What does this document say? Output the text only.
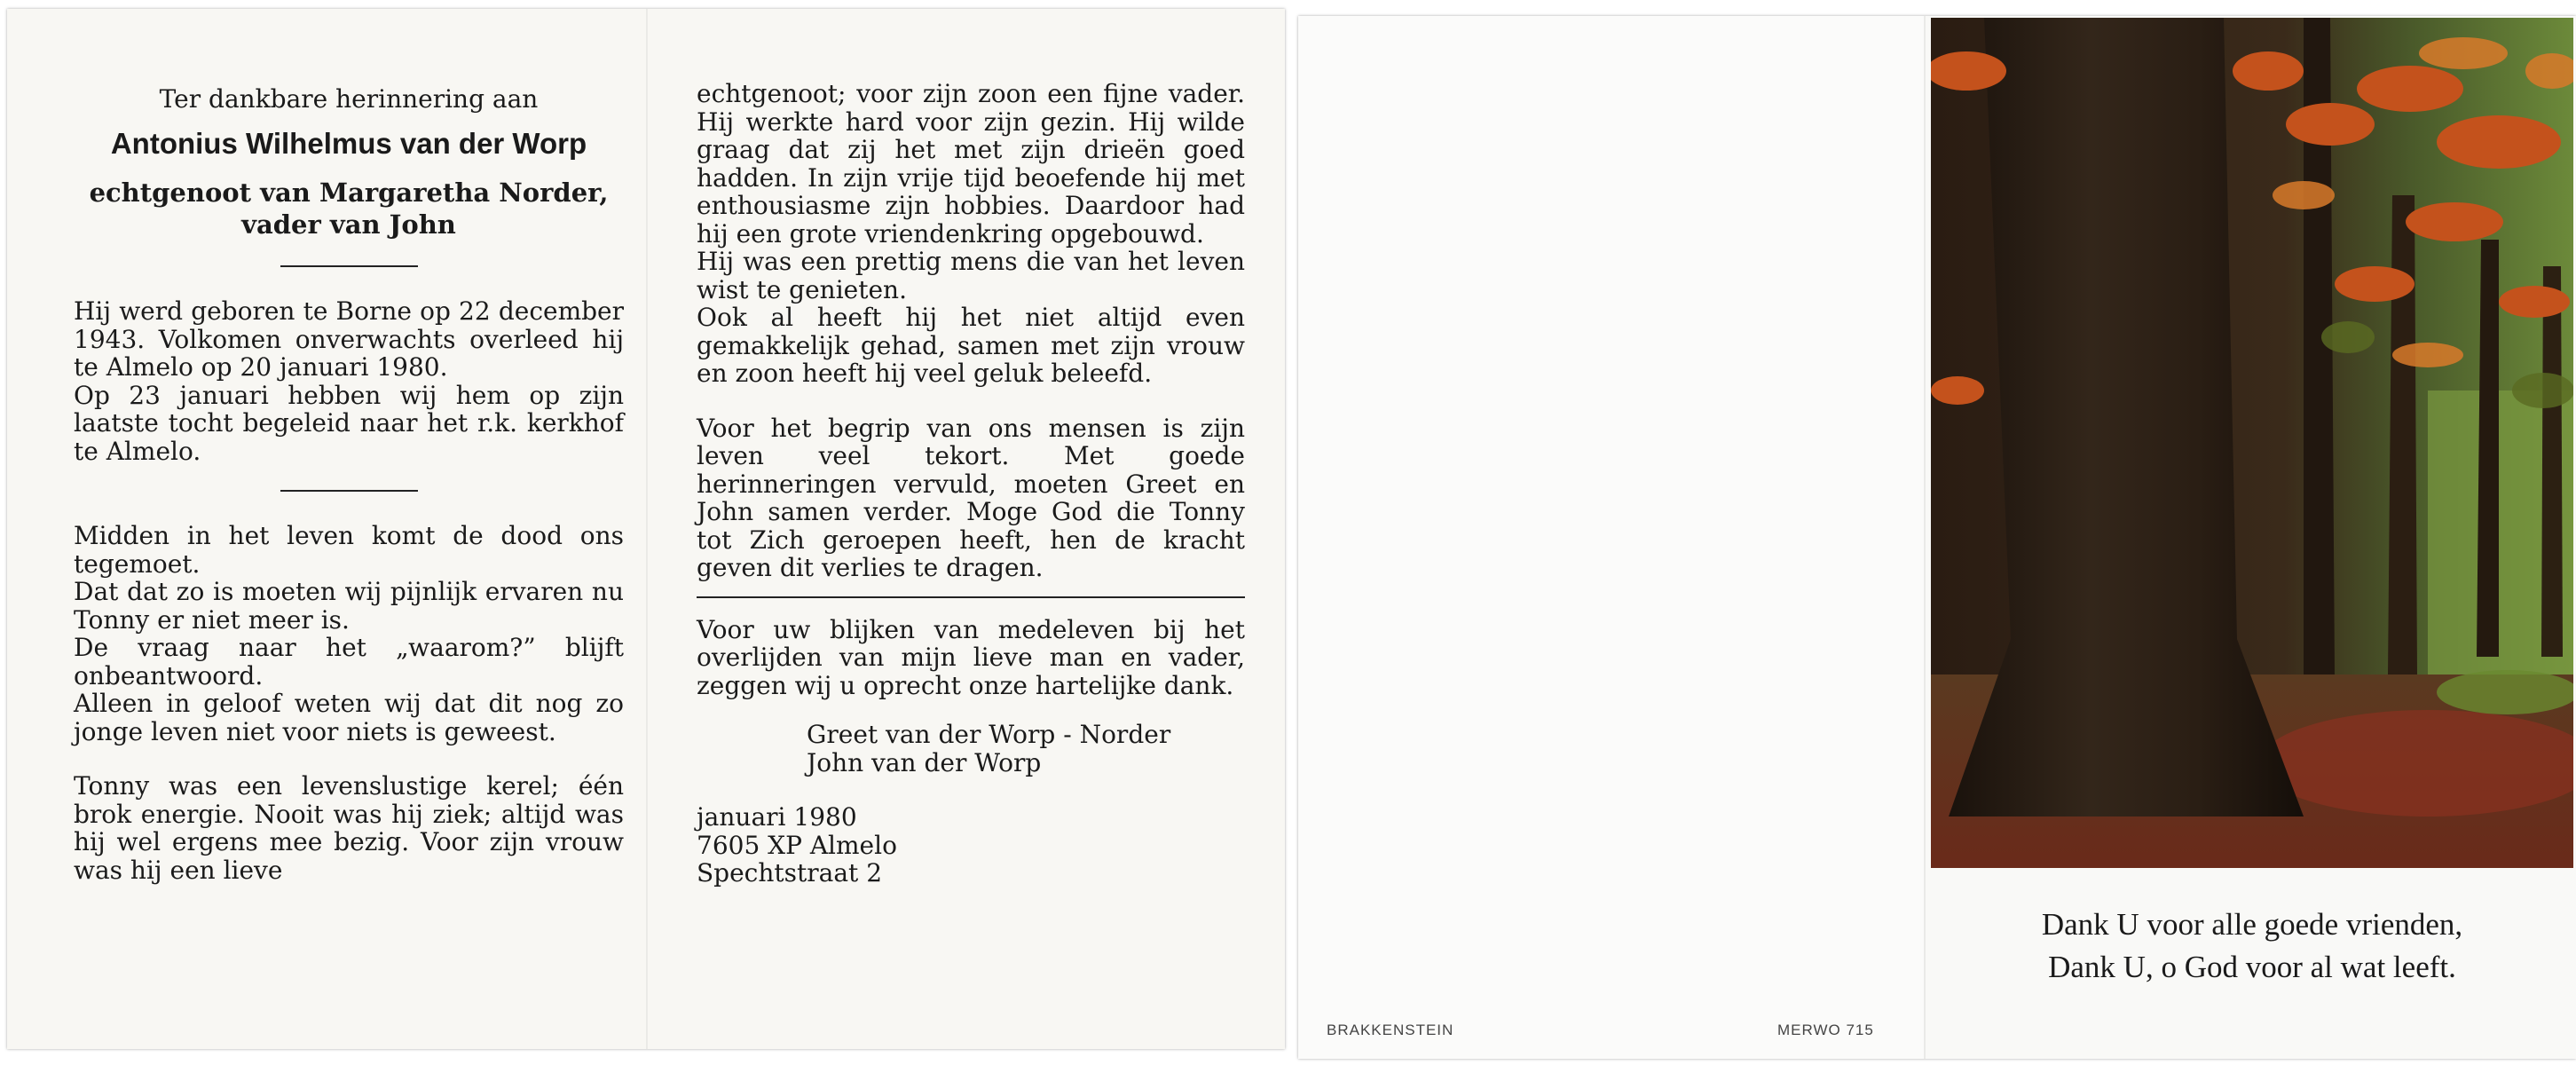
Ter dankbare herinnering aan

Antonius Wilhelmus van der Worp

echtgenoot van Margaretha Norder,

vader van John

Hij werd geboren te Borne op 22 december 1943. Volkomen onverwachts overleed hij te Almelo op 20 januari 1980.

Op 23 januari hebben wij hem op zijn laatste tocht begeleid naar het r.k. kerkhof te Almelo.

Midden in het leven komt de dood ons tegemoet.

Dat dat zo is moeten wij pijnlijk ervaren nu Tonny er niet meer is.

De vraag naar het „waarom?” blijft onbeantwoord.

Alleen in geloof weten wij dat dit nog zo jonge leven niet voor niets is geweest.

Tonny was een levenslustige kerel; één brok energie. Nooit was hij ziek; altijd was hij wel ergens mee bezig. Voor zijn vrouw was hij een lieve

echtgenoot; voor zijn zoon een fijne vader. Hij werkte hard voor zijn gezin. Hij wilde graag dat zij het met zijn drieën goed hadden. In zijn vrije tijd beoefende hij met enthousiasme zijn hobbies. Daardoor had hij een grote vriendenkring opgebouwd.

Hij was een prettig mens die van het leven wist te genieten.

Ook al heeft hij het niet altijd even gemakkelijk gehad, samen met zijn vrouw en zoon heeft hij veel geluk beleefd.

Voor het begrip van ons mensen is zijn leven veel tekort. Met goede herinneringen vervuld, moeten Greet en John samen verder. Moge God die Tonny tot Zich geroepen heeft, hen de kracht geven dit verlies te dragen.

Voor uw blijken van medeleven bij het overlijden van mijn lieve man en vader, zeggen wij u oprecht onze hartelijke dank.

Greet van der Worp - Norder

John van der Worp

januari 1980

7605 XP Almelo

Spechtstraat 2

BRAKKENSTEIN	MERWO 715

Dank U voor alle goede vrienden,

Dank U, o God voor al wat leeft.
